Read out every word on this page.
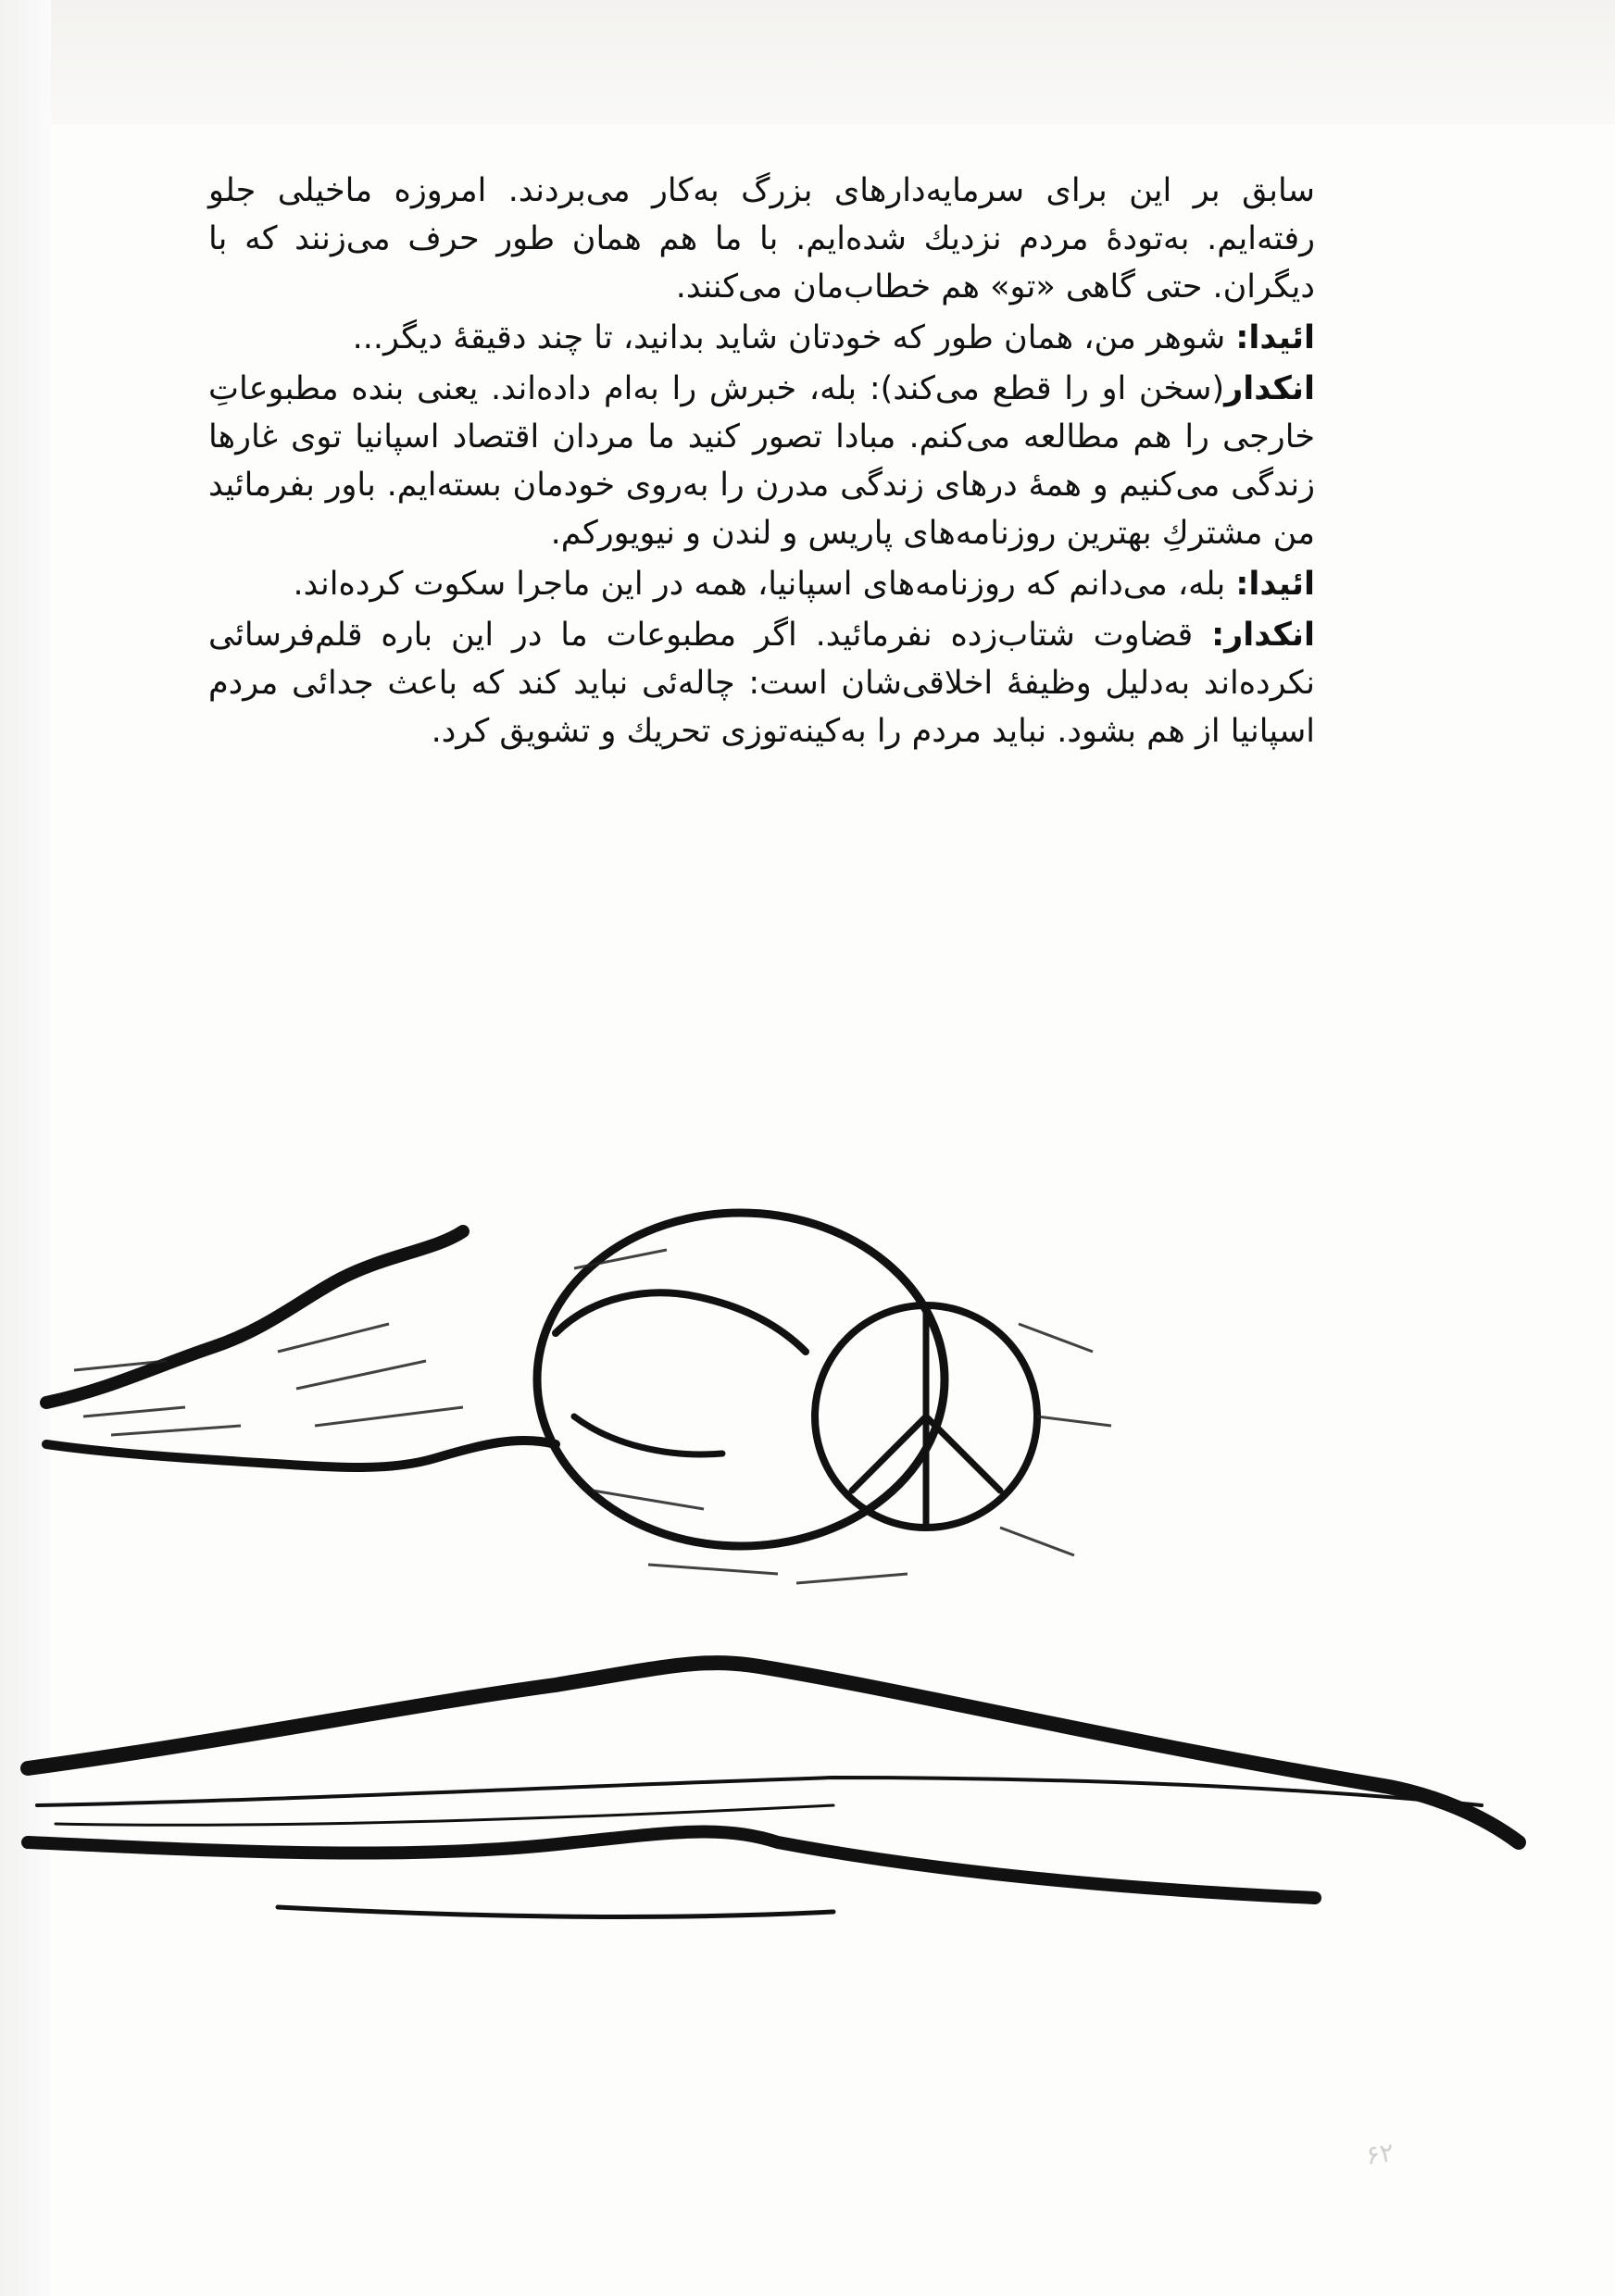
سابق بر این برای سرمایه‌دارهای بزرگ به‌کار می‌بردند. امروزه ماخیلی جلو رفته‌ایم. به‌تودهٔ مردم نزدیك شده‌ایم. با ما هم همان طور حرف می‌زنند که با دیگران. حتی گاهی «تو» هم خطاب‌مان می‌کنند.

ائیدا: شوهر من، همان طور که خودتان شاید بدانید، تا چند دقیقهٔ دیگر...

انکدار(سخن او را قطع می‌کند): بله، خبرش را به‌ام داده‌اند. یعنی بنده مطبوعاتِ خارجی را هم مطالعه می‌کنم. مبادا تصور کنید ما مردان اقتصاد اسپانیا توی غارها زندگی می‌کنیم و همهٔ درهای زندگی مدرن را به‌روی خودمان بسته‌ایم. باور بفرمائید من مشتركِ بهترین روزنامه‌های پاریس و لندن و نیویورکم.

ائیدا: بله، می‌دانم که روزنامه‌های اسپانیا، همه در این ماجرا سکوت کرده‌اند.

انکدار: قضاوت شتاب‌زده نفرمائید. اگر مطبوعات ما در این باره قلم‌فرسائی نکرده‌اند به‌دلیل وظیفهٔ اخلاقی‌شان است: چاله‌ئی نباید کند که باعث جدائی مردم اسپانیا از هم بشود. نباید مردم را به‌کینه‌توزی تحریك و تشویق کرد.

۶۲
